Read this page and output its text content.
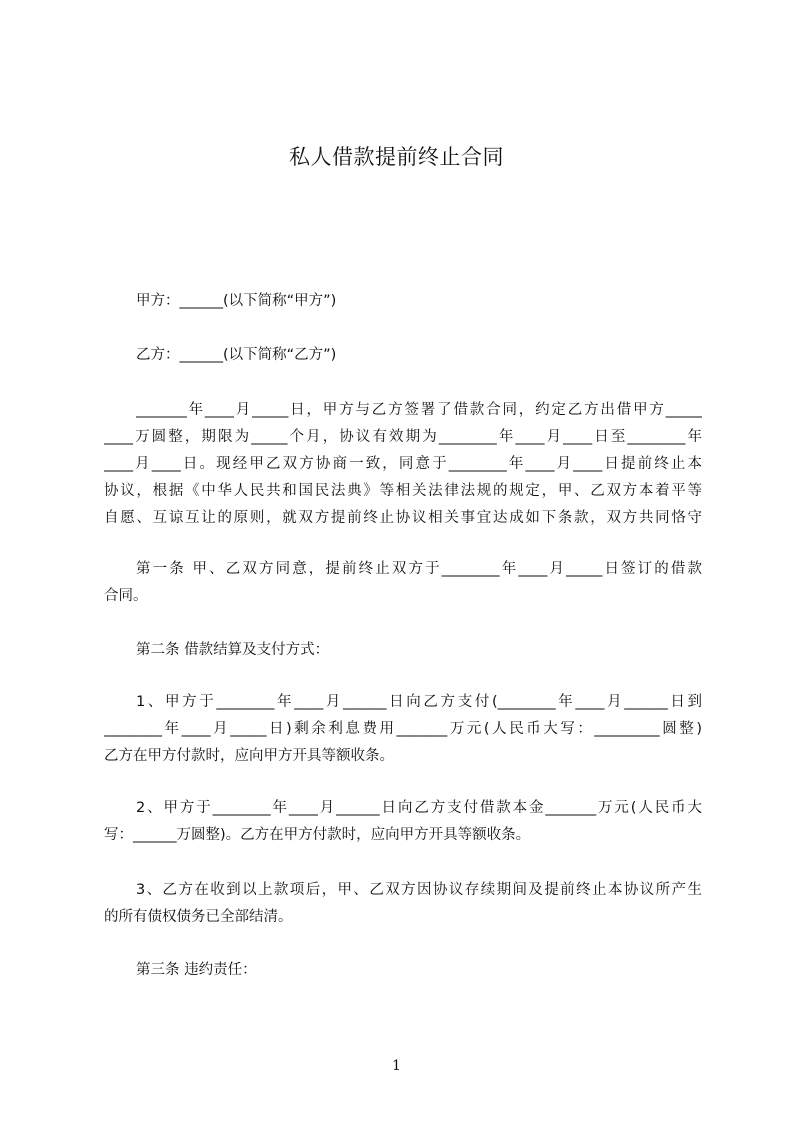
私人借款提前终止合同
甲方：______(以下简称“甲方”)
乙方：______(以下简称“乙方”)
_______年____月_____日，甲方与乙方签署了借款合同，约定乙方出借甲方_____
____万圆整，期限为_____个月，协议有效期为________年____月____日至________年
____月____日。现经甲乙双方协商一致，同意于________年____月____日提前终止本
协议，根据《中华人民共和国民法典》等相关法律法规的规定，甲、乙双方本着平等
自愿、互谅互让的原则，就双方提前终止协议相关事宜达成如下条款，双方共同恪守
第一条 甲、乙双方同意，提前终止双方于________年____月_____日签订的借款
合同。
第二条 借款结算及支付方式：
1、甲方于________年____月______日向乙方支付(________年____月______日到
________年____月_____日)剩余利息费用_______万元(人民币大写：_________圆整)
乙方在甲方付款时，应向甲方开具等额收条。
2、甲方于________年____月______日向乙方支付借款本金_______万元(人民币大
写：______万圆整)。乙方在甲方付款时，应向甲方开具等额收条。
3、乙方在收到以上款项后，甲、乙双方因协议存续期间及提前终止本协议所产生
的所有债权债务已全部结清。
第三条 违约责任：
1
